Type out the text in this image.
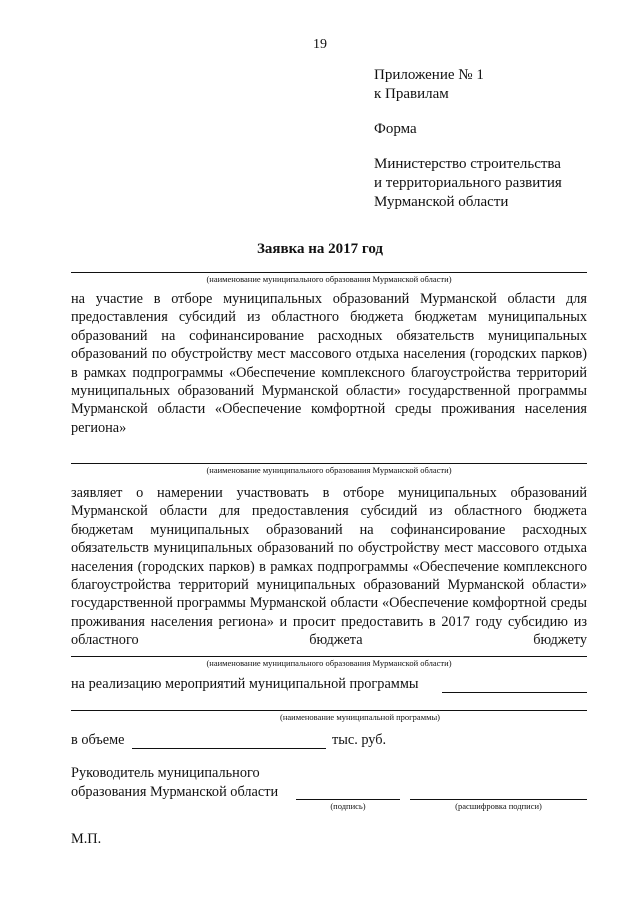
19
Приложение № 1
к Правилам
Форма
Министерство строительства
и территориального развития
Мурманской области
Заявка на 2017 год
(наименование муниципального образования Мурманской области)
на участие в отборе муниципальных образований Мурманской области для предоставления субсидий из областного бюджета бюджетам муниципальных образований на софинансирование расходных обязательств муниципальных образований по обустройству мест массового отдыха населения (городских парков) в рамках подпрограммы «Обеспечение комплексного благоустройства территорий муниципальных образований Мурманской области» государственной программы Мурманской области «Обеспечение комфортной среды проживания населения региона»
(наименование муниципального образования Мурманской области)
заявляет о намерении участвовать в отборе муниципальных образований Мурманской области для предоставления субсидий из областного бюджета бюджетам муниципальных образований на софинансирование расходных обязательств муниципальных образований по обустройству мест массового отдыха населения (городских парков) в рамках подпрограммы «Обеспечение комплексного благоустройства территорий муниципальных образований Мурманской области» государственной программы Мурманской области «Обеспечение комфортной среды проживания населения региона» и просит предоставить в 2017 году субсидию из областного бюджета бюджету
(наименование муниципального образования Мурманской области)
на реализацию мероприятий муниципальной программы
(наименование муниципальной программы)
в объеме	тыс. руб.
Руководитель муниципального
образования Мурманской области
(подпись)	(расшифровка подписи)
М.П.
